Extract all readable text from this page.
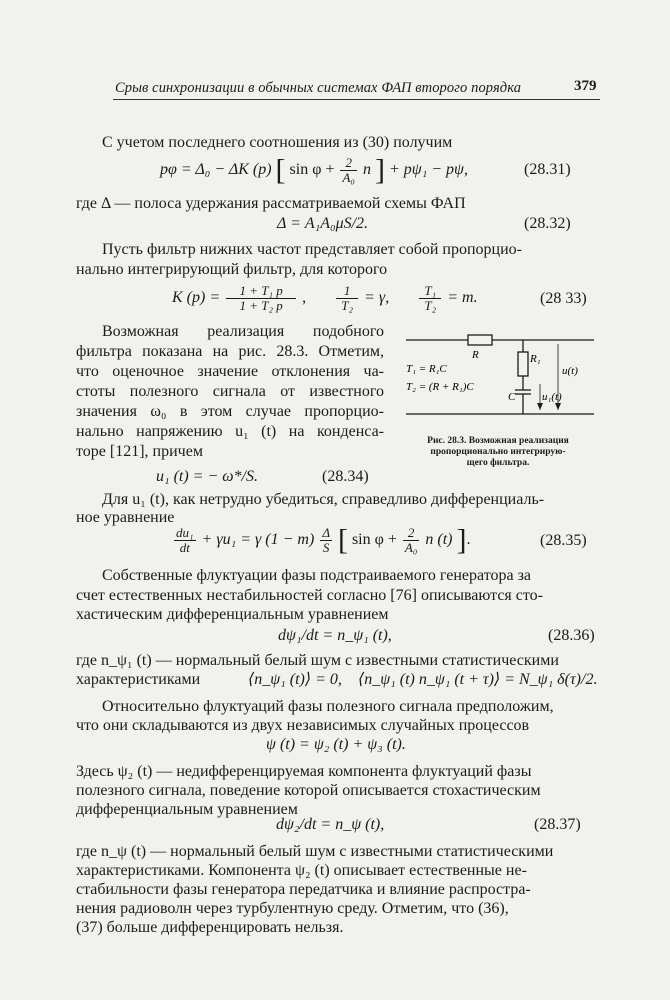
Срыв синхронизации в обычных системах ФАП второго порядка	379
С учетом последнего соотношения из (30) получим
pφ = Δ₀ − ΔK (p) [ $\sin \varphi + \frac{2}{\text{A₀}}$ n ] + pψ₁ − pψ,	(28.31)
где Δ — полоса удержания рассматриваемой схемы ФАП
Δ = A₁A₀μS/2.	(28.32)
Пусть фильтр нижних частот представляет собой пропорцио-
нально интегрирующий фильтр, для которого
K $(p) = \frac{\text{1 + T₁ p}}{\text{1 + T₂ p}}$ , $\frac{1}{\text{T₂}} = \gamma$, $\frac{\text{T₁}}{\text{T₂}} = m$.	(28 33)
Возможная реализация подобного
фильтра показана на рис. 28.3. Отметим,
что оценочное значение отклонения ча-
стоты полезного сигнала от известного
значения ω₀ в этом случае пропорцио-
нально напряжению u₁ (t) на конденса-
торе [121], причем
u₁ (t) = − ω*/S.	(28.34)
R	R₁
C
T₁ = R₁C
T₂ = (R + R₁)C
u(t)
u₁(t)
Рис. 28.3. Возможная реализация
пропорционально интегрирую-
щего фильтра.
Для u₁ (t), как нетрудно убедиться, справедливо дифференциаль-
ное уравнение
$\frac{\text{du₁}}{dt} + \gamma u_1 = \gamma$ $(1 - m) \frac{\Delta}{S}$ [ $\sin \varphi + \frac{2}{\text{A₀}}$ n (t) ].	(28.35)
Собственные флуктуации фазы подстраиваемого генератора за
счет естественных нестабильностей согласно [76] описываются сто-
хастическим дифференциальным уравнением
dψ₁/dt = n_ψ₁ (t),	(28.36)
где n_ψ₁ (t) — нормальный белый шум с известными статистическими
характеристиками	⟨n_ψ₁ (t)⟩ = 0, ⟨n_ψ₁ (t) n_ψ₁ (t + τ)⟩ = N_ψ₁ δ(τ)/2.
Относительно флуктуаций фазы полезного сигнала предположим,
что они складываются из двух независимых случайных процессов
ψ (t) = ψ₂ (t) + ψ₃ (t).
Здесь ψ₂ (t) — недифференцируемая компонента флуктуаций фазы
полезного сигнала, поведение которой описывается стохастическим
дифференциальным уравнением
dψ₂/dt = n_ψ (t),	(28.37)
где n_ψ (t) — нормальный белый шум с известными статистическими
характеристиками. Компонента ψ₂ (t) описывает естественные не-
стабильности фазы генератора передатчика и влияние распростра-
нения радиоволн через турбулентную среду. Отметим, что (36),
(37) больше дифференцировать нельзя.
